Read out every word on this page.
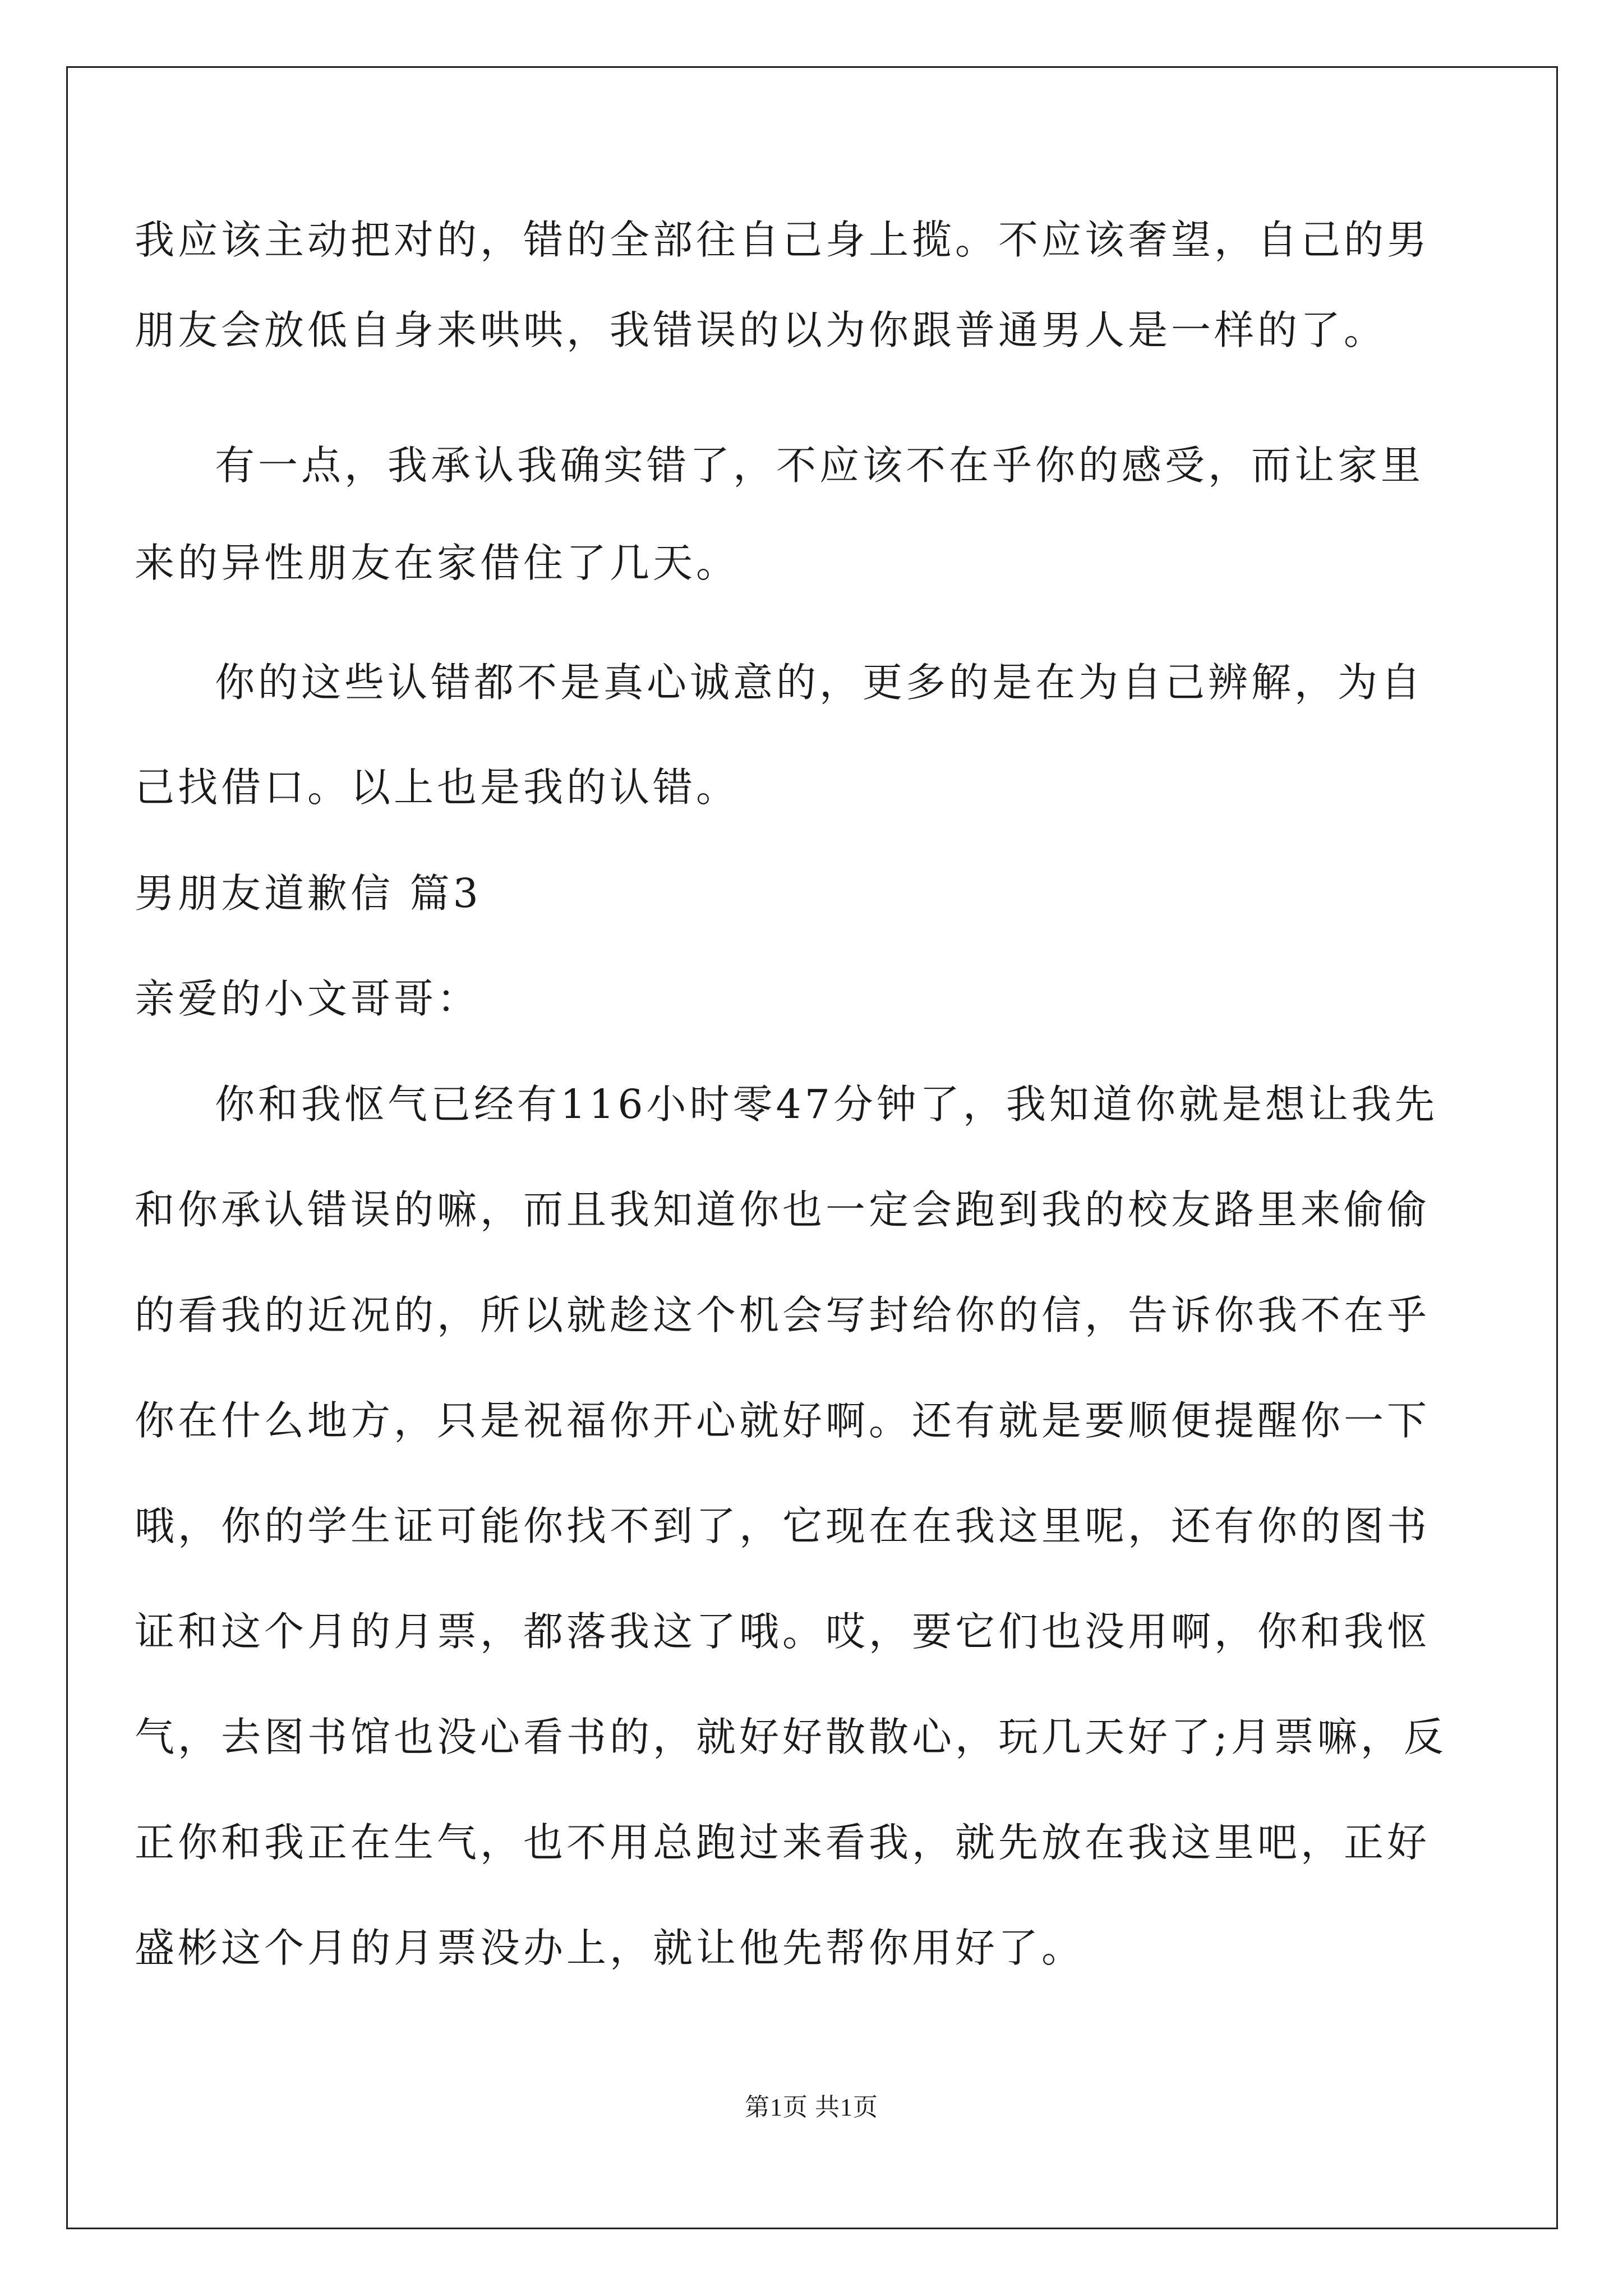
我应该主动把对的，错的全部往自己身上揽。不应该奢望，自己的男
朋友会放低自身来哄哄，我错误的以为你跟普通男人是一样的了。
有一点，我承认我确实错了，不应该不在乎你的感受，而让家里
来的异性朋友在家借住了几天。
你的这些认错都不是真心诚意的，更多的是在为自己辨解，为自
己找借口。以上也是我的认错。
男朋友道歉信 篇3
亲爱的小文哥哥：
你和我怄气已经有116小时零47分钟了，我知道你就是想让我先
和你承认错误的嘛，而且我知道你也一定会跑到我的校友路里来偷偷
的看我的近况的，所以就趁这个机会写封给你的信，告诉你我不在乎
你在什么地方，只是祝福你开心就好啊。还有就是要顺便提醒你一下
哦，你的学生证可能你找不到了，它现在在我这里呢，还有你的图书
证和这个月的月票，都落我这了哦。哎，要它们也没用啊，你和我怄
气，去图书馆也没心看书的，就好好散散心，玩几天好了;月票嘛，反
正你和我正在生气，也不用总跑过来看我，就先放在我这里吧，正好
盛彬这个月的月票没办上，就让他先帮你用好了。
第1页 共1页
